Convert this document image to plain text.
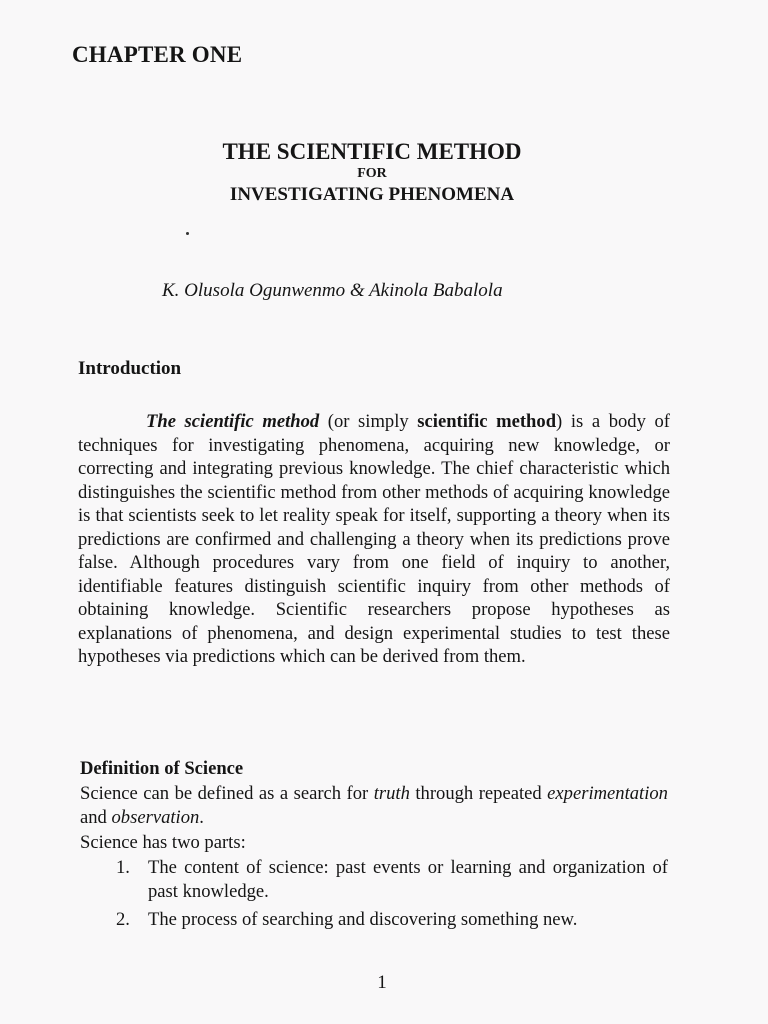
CHAPTER ONE
THE SCIENTIFIC METHOD
FOR
INVESTIGATING PHENOMENA
K. Olusola Ogunwenmo & Akinola Babalola
Introduction

The scientific method (or simply scientific method) is a body of techniques for investigating phenomena, acquiring new knowledge, or correcting and integrating previous knowledge. The chief characteristic which distinguishes the scientific method from other methods of acquiring knowledge is that scientists seek to let reality speak for itself, supporting a theory when its predictions are confirmed and challenging a theory when its predictions prove false. Although procedures vary from one field of inquiry to another, identifiable features distinguish scientific inquiry from other methods of obtaining knowledge. Scientific researchers propose hypotheses as explanations of phenomena, and design experimental studies to test these hypotheses via predictions which can be derived from them.

Definition of Science

Science can be defined as a search for truth through repeated experimentation and observation.

Science has two parts:
1. The content of science: past events or learning and organization of past knowledge.
2. The process of searching and discovering something new.
1
